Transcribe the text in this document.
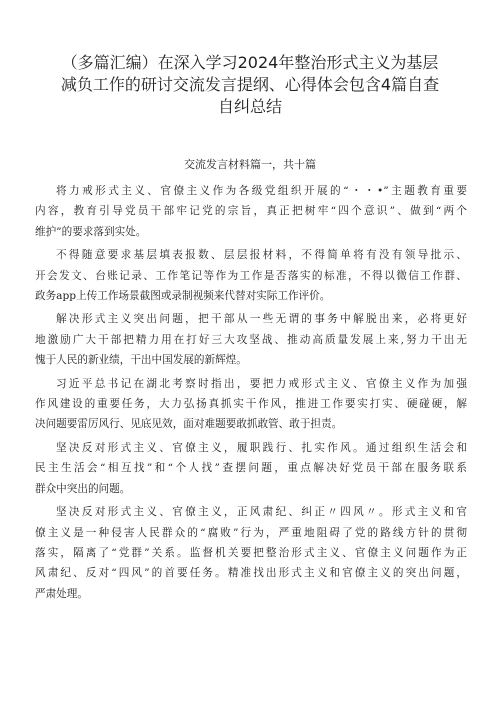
（多篇汇编）在深入学习2024年整治形式主义为基层
减负工作的研讨交流发言提纲、心得体会包含4篇自查
自纠总结
交流发言材料篇一，共十篇

将力戒形式主义、官僚主义作为各级党组织开展的“・・•”主题教育重要
内容，教育引导党员干部牢记党的宗旨，真正把树牢“四个意识”、做到“两个
维护”的要求落到实处。

不得随意要求基层填表报数、层层报材料，不得简单将有没有领导批示、
开会发文、台账记录、工作笔记等作为工作是否落实的标准，不得以微信工作群、
政务app上传工作场景截图或录制视频来代替对实际工作评价。

解决形式主义突出问题，把干部从一些无谓的事务中解脱出来，必将更好
地激励广大干部把精力用在打好三大攻坚战、推动高质量发展上来,努力干出无
愧于人民的新业绩，干出中国发展的新辉煌。

习近平总书记在湖北考察时指出，要把力戒形式主义、官僚主义作为加强
作风建设的重要任务，大力弘扬真抓实干作风，推进工作要实打实、硬碰硬，解
决问题要雷厉风行、见底见效，面对难题要敢抓敢管、敢于担责。

坚决反对形式主义、官僚主义，履职践行、扎实作风。通过组织生活会和
民主生活会“相互找”和“个人找”查摆问题，重点解决好党员干部在服务联系
群众中突出的问题。

坚决反对形式主义、官僚主义，正风肃纪、纠正〃四风〃。形式主义和官
僚主义是一种侵害人民群众的“腐败”行为，严重地阻碍了党的路线方针的贯彻
落实，隔离了“党群”关系。监督机关要把整治形式主义、官僚主义问题作为正
风肃纪、反对“四风”的首要任务。精准找出形式主义和官僚主义的突出问题，
严肃处理。
